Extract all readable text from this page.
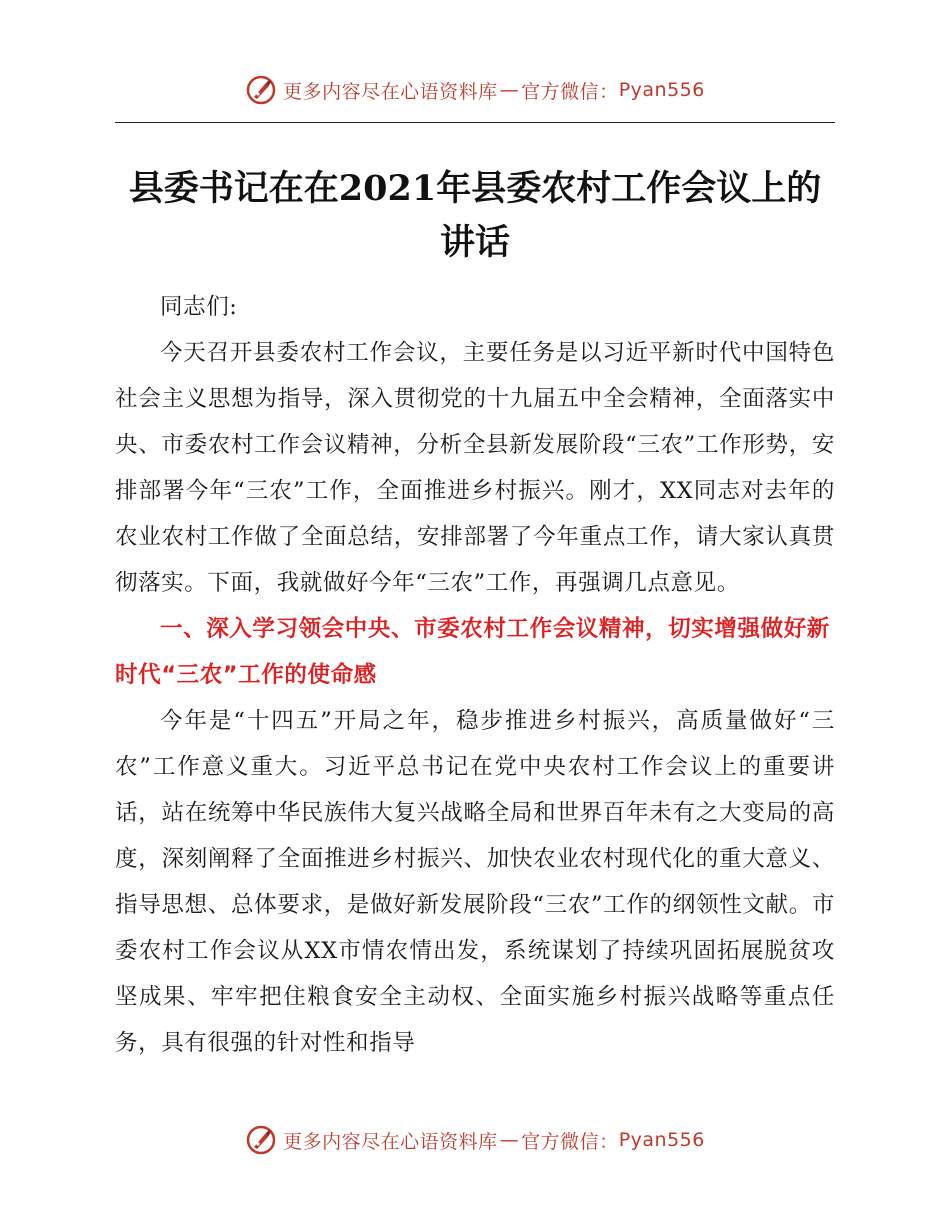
更多内容尽在心语资料库 — 官方微信： Pyan556
县委书记在在2021年县委农村工作会议上的讲话

同志们:

今天召开县委农村工作会议，主要任务是以习近平新时代中国特色社会主义思想为指导，深入贯彻党的十九届五中全会精神，全面落实中央、市委农村工作会议精神，分析全县新发展阶段“三农”工作形势，安排部署今年“三农”工作，全面推进乡村振兴。刚才，XX同志对去年的农业农村工作做了全面总结，安排部署了今年重点工作，请大家认真贯彻落实。下面，我就做好今年“三农”工作，再强调几点意见。

一、深入学习领会中央、市委农村工作会议精神，切实增强做好新时代“三农”工作的使命感

今年是“十四五”开局之年，稳步推进乡村振兴，高质量做好“三农”工作意义重大。习近平总书记在党中央农村工作会议上的重要讲话，站在统筹中华民族伟大复兴战略全局和世界百年未有之大变局的高度，深刻阐释了全面推进乡村振兴、加快农业农村现代化的重大意义、指导思想、总体要求，是做好新发展阶段“三农”工作的纲领性文献。市委农村工作会议从XX市情农情出发，系统谋划了持续巩固拓展脱贫攻坚成果、牢牢把住粮食安全主动权、全面实施乡村振兴战略等重点任务，具有很强的针对性和指导

更多内容尽在心语资料库 — 官方微信： Pyan556
